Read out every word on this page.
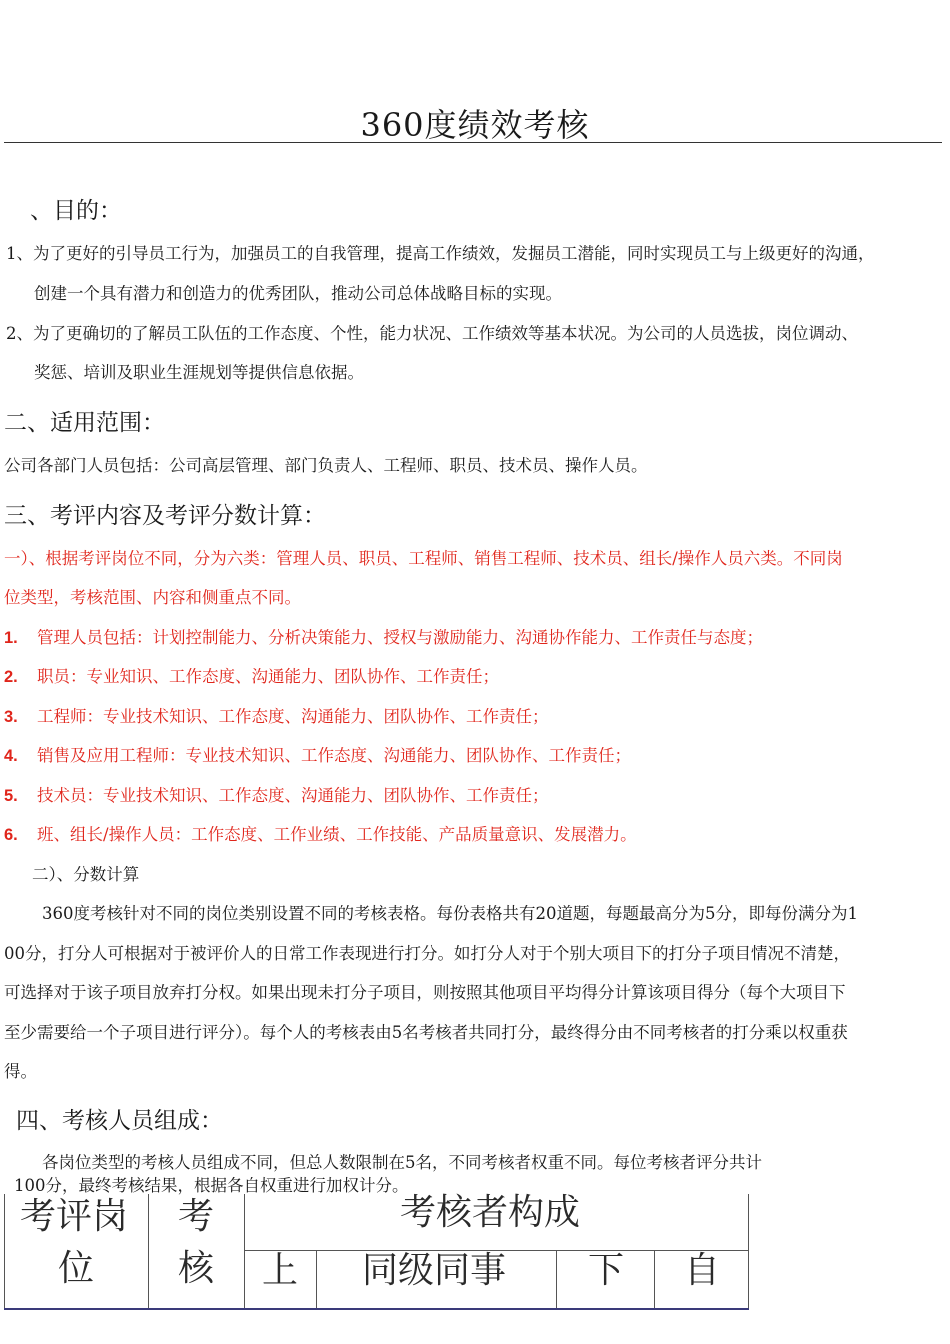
360度绩效考核
、目的：
1、为了更好的引导员工行为，加强员工的自我管理，提高工作绩效，发掘员工潜能，同时实现员工与上级更好的沟通，
创建一个具有潜力和创造力的优秀团队，推动公司总体战略目标的实现。
2、为了更确切的了解员工队伍的工作态度、个性，能力状况、工作绩效等基本状况。为公司的人员选拔，岗位调动、
奖惩、培训及职业生涯规划等提供信息依据。
二、适用范围：
公司各部门人员包括：公司高层管理、部门负责人、工程师、职员、技术员、操作人员。
三、考评内容及考评分数计算：
一）、根据考评岗位不同，分为六类：管理人员、职员、工程师、销售工程师、技术员、组长/操作人员六类。不同岗
位类型，考核范围、内容和侧重点不同。
1. 管理人员包括：计划控制能力、分析决策能力、授权与激励能力、沟通协作能力、工作责任与态度；
2. 职员：专业知识、工作态度、沟通能力、团队协作、工作责任；
3. 工程师：专业技术知识、工作态度、沟通能力、团队协作、工作责任；
4. 销售及应用工程师：专业技术知识、工作态度、沟通能力、团队协作、工作责任；
5. 技术员：专业技术知识、工作态度、沟通能力、团队协作、工作责任；
6. 班、组长/操作人员：工作态度、工作业绩、工作技能、产品质量意识、发展潜力。
二）、分数计算
360度考核针对不同的岗位类别设置不同的考核表格。每份表格共有20道题，每题最高分为5分，即每份满分为1
00分，打分人可根据对于被评价人的日常工作表现进行打分。如打分人对于个别大项目下的打分子项目情况不清楚，
可选择对于该子项目放弃打分权。如果出现未打分子项目，则按照其他项目平均得分计算该项目得分（每个大项目下
至少需要给一个子项目进行评分）。每个人的考核表由5名考核者共同打分，最终得分由不同考核者的打分乘以权重获
得。
四、考核人员组成：
各岗位类型的考核人员组成不同，但总人数限制在5名，不同考核者权重不同。每位考核者评分共计
100分，最终考核结果，根据各自权重进行加权计分。
考评岗
位
考
核
考核者构成
上 同级同事 下 自
